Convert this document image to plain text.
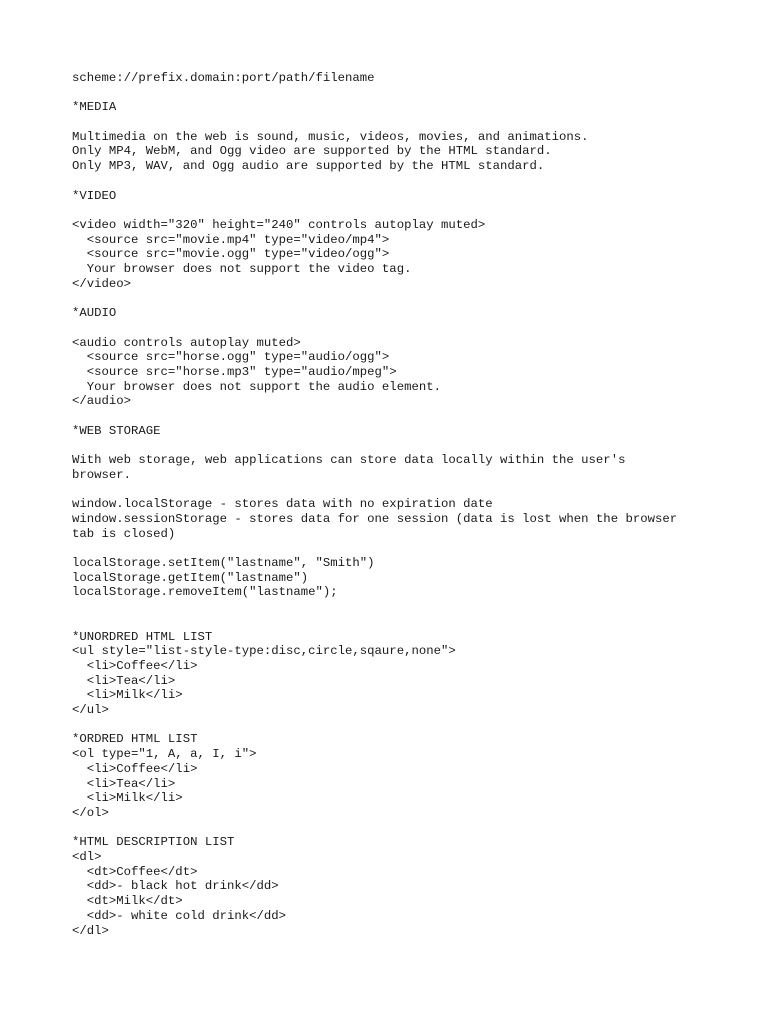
scheme://prefix.domain:port/path/filename
*MEDIA
Multimedia on the web is sound, music, videos, movies, and animations.
Only MP4, WebM, and Ogg video are supported by the HTML standard.
Only MP3, WAV, and Ogg audio are supported by the HTML standard.
*VIDEO
<video width="320" height="240" controls autoplay muted>
<source src="movie.mp4" type="video/mp4">
<source src="movie.ogg" type="video/ogg">
Your browser does not support the video tag.
</video>
*AUDIO
<audio controls autoplay muted>
<source src="horse.ogg" type="audio/ogg">
<source src="horse.mp3" type="audio/mpeg">
Your browser does not support the audio element.
</audio>
*WEB STORAGE
With web storage, web applications can store data locally within the user's
browser.
window.localStorage - stores data with no expiration date
window.sessionStorage - stores data for one session (data is lost when the browser
tab is closed)
localStorage.setItem("lastname", "Smith")
localStorage.getItem("lastname")
localStorage.removeItem("lastname");
*UNORDRED HTML LIST
<ul style="list-style-type:disc,circle,sqaure,none">
<li>Coffee</li>
<li>Tea</li>
<li>Milk</li>
</ul>
*ORDRED HTML LIST
<ol type="1, A, a, I, i">
<li>Coffee</li>
<li>Tea</li>
<li>Milk</li>
</ol>
*HTML DESCRIPTION LIST
<dl>
<dt>Coffee</dt>
<dd>- black hot drink</dd>
<dt>Milk</dt>
<dd>- white cold drink</dd>
</dl>
